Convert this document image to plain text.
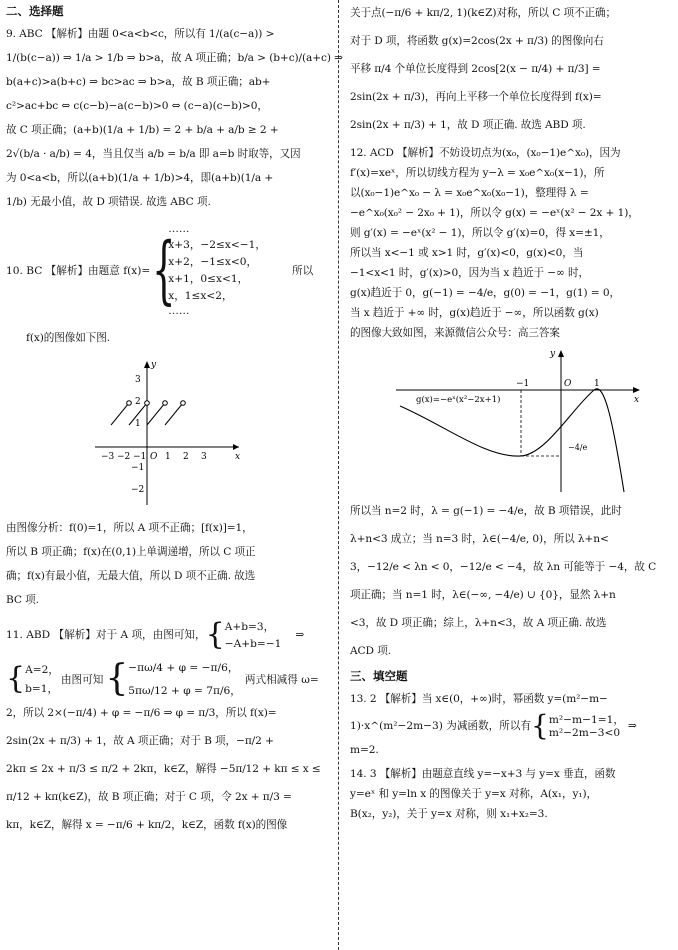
二、选择题
9. ABC 【解析】由题 0<a<b<c，所以有 1/(a(c−a)) >
1/(b(c−a)) ⇒ 1/a > 1/b ⇒ b>a，故 A 项正确；b/a > (b+c)/(a+c) ⇒
b(a+c)>a(b+c) ⇒ bc>ac ⇒ b>a，故 B 项正确；ab+
c²>ac+bc ⇔ c(c−b)−a(c−b)>0 ⇔ (c−a)(c−b)>0，
故 C 项正确；(a+b)(1/a + 1/b) = 2 + b/a + a/b ≥ 2 +
2√(b/a · a/b) = 4，当且仅当 a/b = b/a 即 a=b 时取等，又因
为 0<a<b，所以(a+b)(1/a + 1/b)>4，即(a+b)(1/a +
1/b) 无最小值，故 D 项错误. 故选 ABC 项.
10. BC 【解析】由题意 f(x)= {
……
x+3，−2≤x<−1，
x+2，−1≤x<0，
x+1，0≤x<1，
x，1≤x<2，
……
所以
f(x)的图像如下图.
y
x
−3 −2 −1 O 1 2 3
3
2
1
−1
−2
由图像分析：f(0)=1，所以 A 项不正确；[f(x)]=1，
所以 B 项正确；f(x)在(0,1)上单调递增，所以 C 项正
确；f(x)有最小值，无最大值，所以 D 项不正确. 故选
BC 项.
11. ABD 【解析】对于 A 项，由图可知， { A+b=3，
−A+b=−1
⇒
{ A=2，
b=1，
由图可知 { −πω/4 + φ = −π/6，
5πω/12 + φ = 7π/6，
两式相减得 ω=
2，所以 2×(−π/4) + φ = −π/6 ⇒ φ = π/3，所以 f(x)=
2sin(2x + π/3) + 1，故 A 项正确；对于 B 项，−π/2 +
2kπ ≤ 2x + π/3 ≤ π/2 + 2kπ，k∈Z，解得 −5π/12 + kπ ≤ x ≤
π/12 + kπ(k∈Z)，故 B 项正确；对于 C 项，令 2x + π/3 =
kπ，k∈Z，解得 x = −π/6 + kπ/2，k∈Z，函数 f(x)的图像
关于点(−π/6 + kπ/2, 1)(k∈Z)对称，所以 C 项不正确；
对于 D 项，将函数 g(x)=2cos(2x + π/3) 的图像向右
平移 π/4 个单位长度得到 2cos[2(x − π/4) + π/3] =
2sin(2x + π/3)，再向上平移一个单位长度得到 f(x)=
2sin(2x + π/3) + 1，故 D 项正确. 故选 ABD 项.
12. ACD 【解析】不妨设切点为(x₀，(x₀−1)e^x₀)，因为
f′(x)=xeˣ，所以切线方程为 y−λ = x₀e^x₀(x−1)，所
以(x₀−1)e^x₀ − λ = x₀e^x₀(x₀−1)，整理得 λ =
−e^x₀(x₀² − 2x₀ + 1)，所以令 g(x) = −eˣ(x² − 2x + 1)，
则 g′(x) = −eˣ(x² − 1)，所以令 g′(x)=0，得 x=±1，
所以当 x<−1 或 x>1 时，g′(x)<0，g(x)<0，当
−1<x<1 时，g′(x)>0，因为当 x 趋近于 −∞ 时，
g(x)趋近于 0，g(−1) = −4/e，g(0) = −1，g(1) = 0，
当 x 趋近于 +∞ 时，g(x)趋近于 −∞，所以函数 g(x)
的图像大致如图，来源微信公众号：高三答案
x
y
−1	O	1
−4/e
g(x)=−eˣ(x²−2x+1)
所以当 n=2 时，λ = g(−1) = −4/e，故 B 项错误，此时
λ+n<3 成立；当 n=3 时，λ∈(−4/e, 0)，所以 λ+n<
3，−12/e < λn < 0，−12/e < −4，故 λn 可能等于 −4，故 C
项正确；当 n=1 时，λ∈(−∞, −4/e) ∪ {0}，显然 λ+n
<3，故 D 项正确；综上，λ+n<3，故 A 项正确. 故选
ACD 项.
三、填空题
13. 2 【解析】当 x∈(0，+∞)时，幂函数 y=(m²−m−
1)·x^(m²−2m−3) 为减函数，所以有 { m²−m−1=1，
m²−2m−3<0
⇒
m=2.
14. 3 【解析】由题意直线 y=−x+3 与 y=x 垂直，函数
y=eˣ 和 y=ln x 的图像关于 y=x 对称，A(x₁，y₁)，
B(x₂，y₂)，关于 y=x 对称，则 x₁+x₂=3.
